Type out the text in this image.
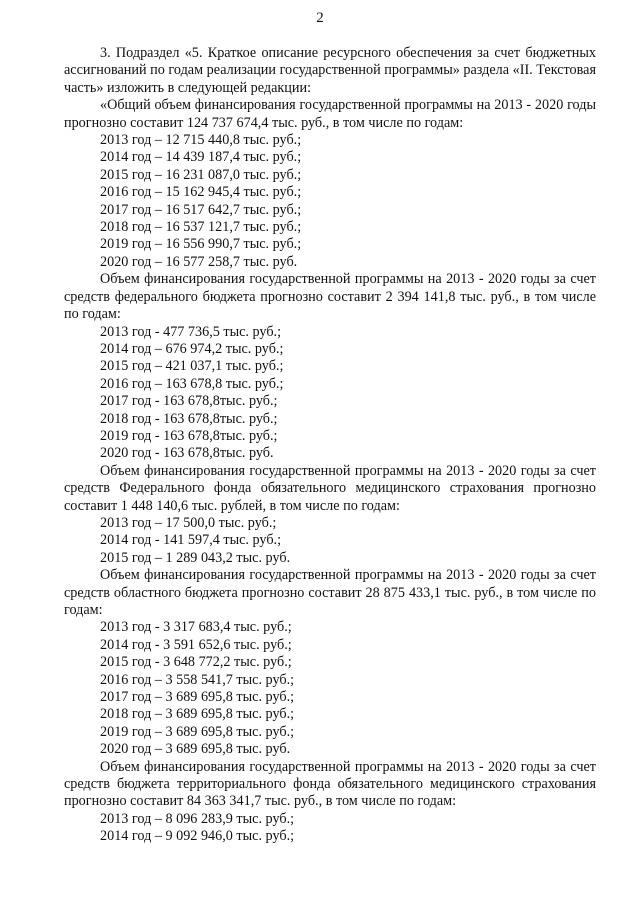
2
3. Подраздел «5. Краткое описание ресурсного обеспечения за счет бюджетных ассигнований по годам реализации государственной программы» раздела «II. Текстовая часть» изложить в следующей редакции:
«Общий объем финансирования государственной программы на 2013 - 2020 годы прогнозно составит 124 737 674,4 тыс. руб., в том числе по годам:
2013 год – 12 715 440,8 тыс. руб.;
2014 год – 14 439 187,4 тыс. руб.;
2015 год – 16 231 087,0 тыс. руб.;
2016 год – 15 162 945,4 тыс. руб.;
2017 год – 16 517 642,7 тыс. руб.;
2018 год – 16 537 121,7 тыс. руб.;
2019 год – 16 556 990,7 тыс. руб.;
2020 год – 16 577 258,7 тыс. руб.
Объем финансирования государственной программы на 2013 - 2020 годы за счет средств федерального бюджета прогнозно составит 2 394 141,8 тыс. руб., в том числе по годам:
2013 год - 477 736,5 тыс. руб.;
2014 год – 676 974,2 тыс. руб.;
2015 год – 421 037,1 тыс. руб.;
2016 год – 163 678,8 тыс. руб.;
2017 год - 163 678,8тыс. руб.;
2018 год - 163 678,8тыс. руб.;
2019 год - 163 678,8тыс. руб.;
2020 год - 163 678,8тыс. руб.
Объем финансирования государственной программы на 2013 - 2020 годы за счет средств Федерального фонда обязательного медицинского страхования прогнозно составит 1 448 140,6 тыс. рублей, в том числе по годам:
2013 год – 17 500,0 тыс. руб.;
2014 год - 141 597,4 тыс. руб.;
2015 год – 1 289 043,2 тыс. руб.
Объем финансирования государственной программы на 2013 - 2020 годы за счет средств областного бюджета прогнозно составит 28 875 433,1 тыс. руб., в том числе по годам:
2013 год - 3 317 683,4 тыс. руб.;
2014 год - 3 591 652,6 тыс. руб.;
2015 год - 3 648 772,2 тыс. руб.;
2016 год – 3 558 541,7 тыс. руб.;
2017 год – 3 689 695,8 тыс. руб.;
2018 год – 3 689 695,8 тыс. руб.;
2019 год – 3 689 695,8 тыс. руб.;
2020 год – 3 689 695,8 тыс. руб.
Объем финансирования государственной программы на 2013 - 2020 годы за счет средств бюджета территориального фонда обязательного медицинского страхования прогнозно составит 84 363 341,7 тыс. руб., в том числе по годам:
2013 год – 8 096 283,9 тыс. руб.;
2014 год – 9 092 946,0 тыс. руб.;
